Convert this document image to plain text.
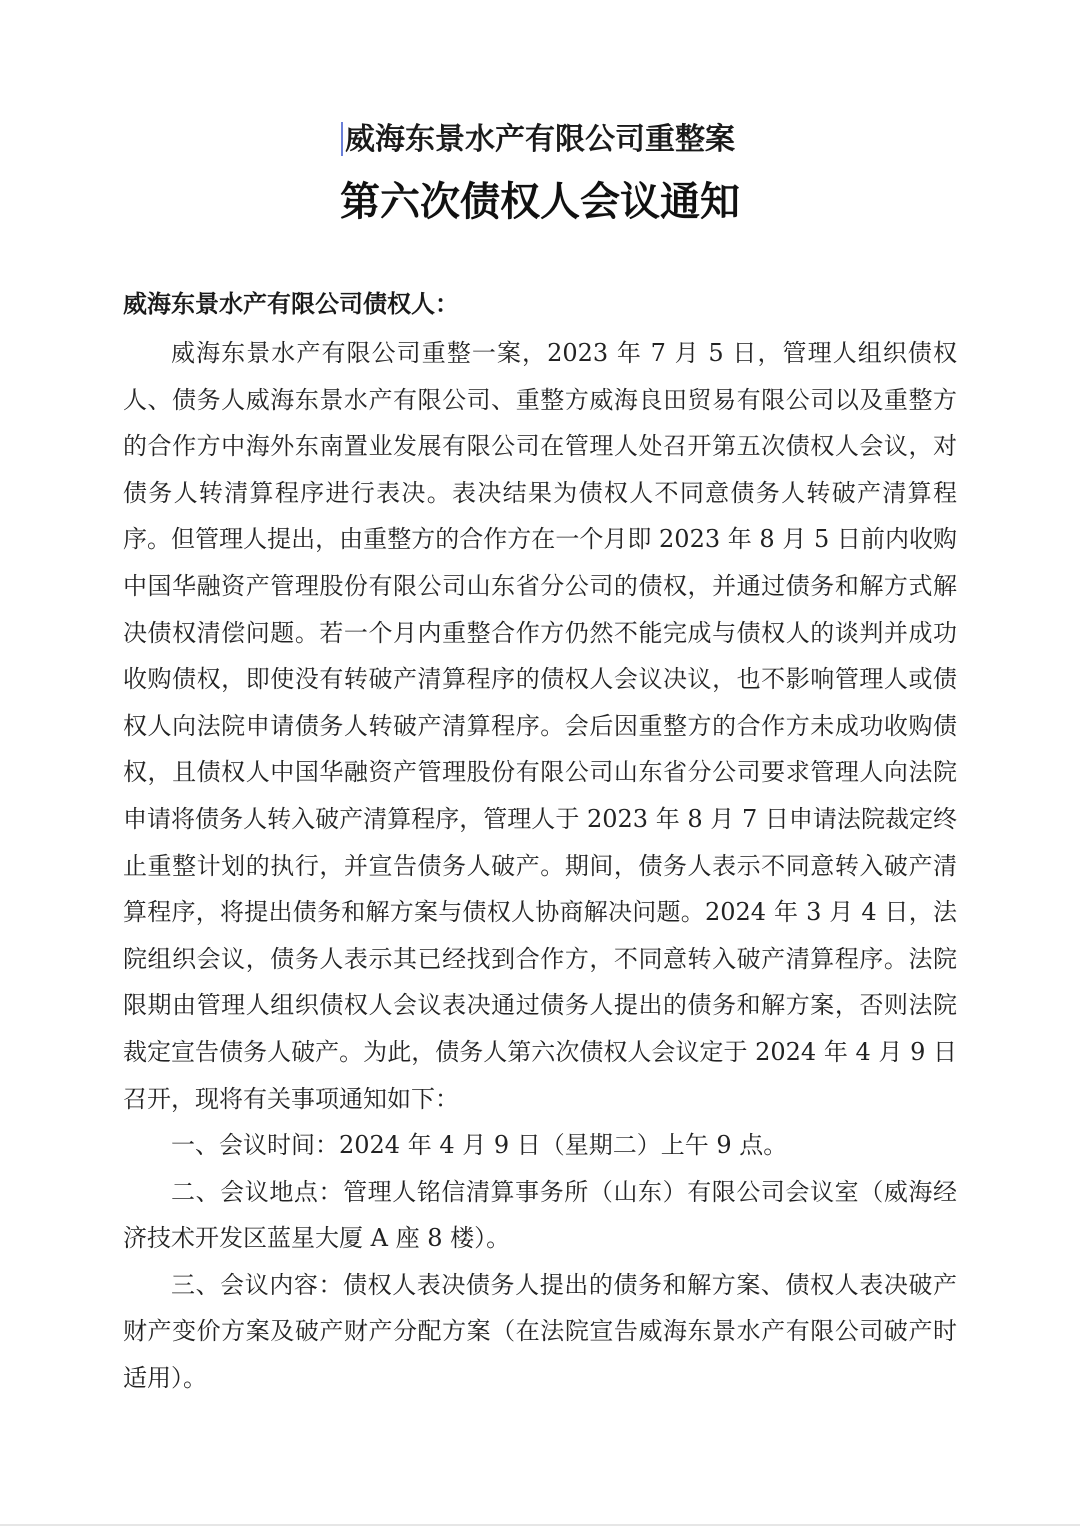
威海东景水产有限公司重整案
第六次债权人会议通知
威海东景水产有限公司债权人：

威海东景水产有限公司重整一案，2023 年 7 月 5 日，管理人组织债权人、债务人威海东景水产有限公司、重整方威海良田贸易有限公司以及重整方的合作方中海外东南置业发展有限公司在管理人处召开第五次债权人会议，对债务人转清算程序进行表决。表决结果为债权人不同意债务人转破产清算程序。但管理人提出，由重整方的合作方在一个月即 2023 年 8 月 5 日前内收购中国华融资产管理股份有限公司山东省分公司的债权，并通过债务和解方式解决债权清偿问题。若一个月内重整合作方仍然不能完成与债权人的谈判并成功收购债权，即使没有转破产清算程序的债权人会议决议，也不影响管理人或债权人向法院申请债务人转破产清算程序。会后因重整方的合作方未成功收购债权，且债权人中国华融资产管理股份有限公司山东省分公司要求管理人向法院申请将债务人转入破产清算程序，管理人于 2023 年 8 月 7 日申请法院裁定终止重整计划的执行，并宣告债务人破产。期间，债务人表示不同意转入破产清算程序，将提出债务和解方案与债权人协商解决问题。2024 年 3 月 4 日，法院组织会议，债务人表示其已经找到合作方，不同意转入破产清算程序。法院限期由管理人组织债权人会议表决通过债务人提出的债务和解方案，否则法院裁定宣告债务人破产。为此，债务人第六次债权人会议定于 2024 年 4 月 9 日召开，现将有关事项通知如下：

一、会议时间：2024 年 4 月 9 日（星期二）上午 9 点。

二、会议地点：管理人铭信清算事务所（山东）有限公司会议室（威海经济技术开发区蓝星大厦 A 座 8 楼）。

三、会议内容：债权人表决债务人提出的债务和解方案、债权人表决破产财产变价方案及破产财产分配方案（在法院宣告威海东景水产有限公司破产时适用）。
